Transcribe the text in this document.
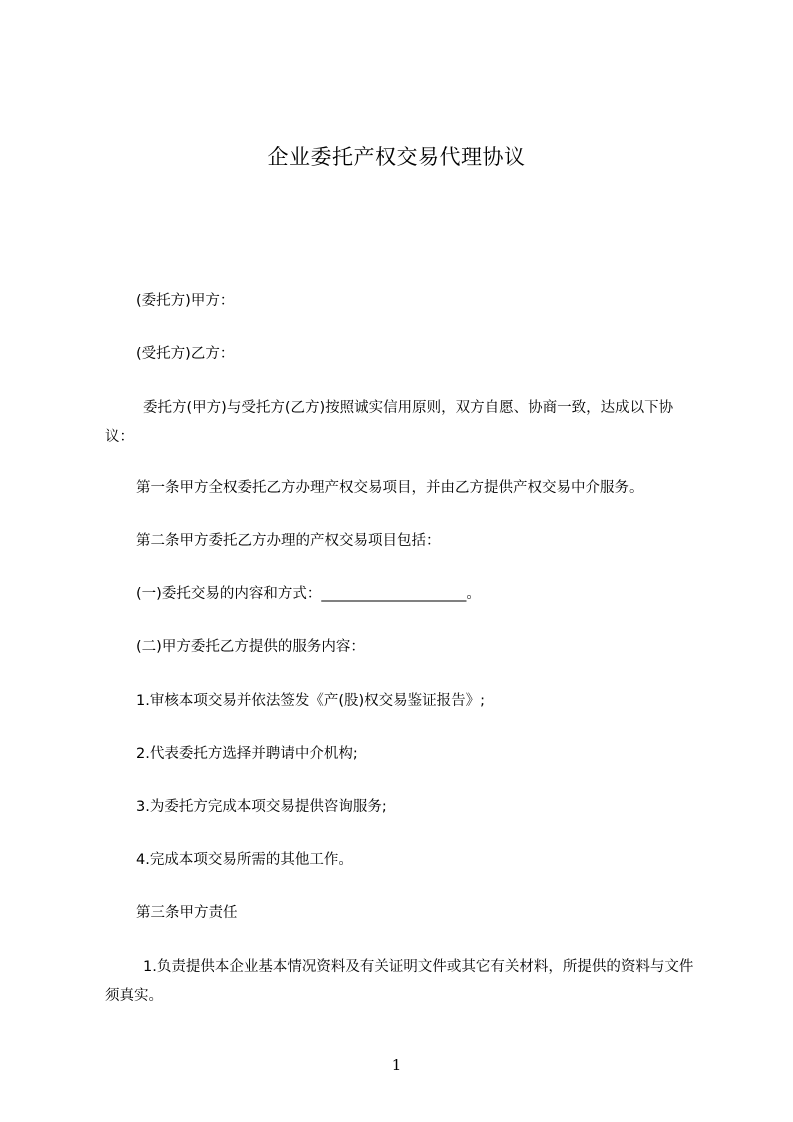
企业委托产权交易代理协议

(委托方)甲方：

(受托方)乙方：

委托方(甲方)与受托方(乙方)按照诚实信用原则，双方自愿、协商一致，达成以下协议：

第一条甲方全权委托乙方办理产权交易项目，并由乙方提供产权交易中介服务。

第二条甲方委托乙方办理的产权交易项目包括：

(一)委托交易的内容和方式：____________________。

(二)甲方委托乙方提供的服务内容：

1.审核本项交易并依法签发《产(股)权交易鉴证报告》;

2.代表委托方选择并聘请中介机构;

3.为委托方完成本项交易提供咨询服务;

4.完成本项交易所需的其他工作。

第三条甲方责任

1.负责提供本企业基本情况资料及有关证明文件或其它有关材料，所提供的资料与文件须真实。

1
